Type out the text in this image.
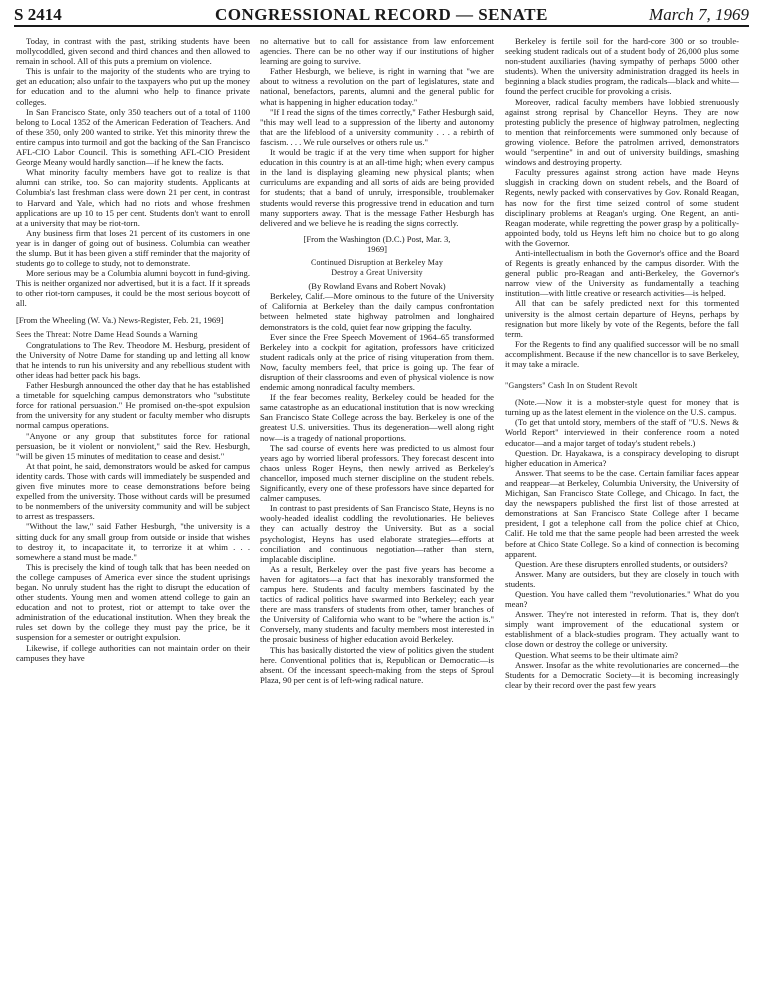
S 2414	CONGRESSIONAL RECORD — SENATE	March 7, 1969

Today, in contrast with the past, striking students have been mollycoddled, given second and third chances and then allowed to remain in school. All of this puts a premium on violence.

This is unfair to the majority of the students who are trying to get an education; also unfair to the taxpayers who put up the money for education and to the alumni who help to finance private colleges.

In San Francisco State, only 350 teachers out of a total of 1100 belong to Local 1352 of the American Federation of Teachers. And of these 350, only 200 wanted to strike. Yet this minority threw the entire campus into turmoil and got the backing of the San Francisco AFL-CIO Labor Council. This is something AFL-CIO President George Meany would hardly sanction—if he knew the facts.

What minority faculty members have got to realize is that alumni can strike, too. So can majority students. Applicants at Columbia's last freshman class were down 21 per cent, in contrast to Harvard and Yale, which had no riots and whose freshmen applications are up 10 to 15 per cent. Students don't want to enroll at a university that may be riot-torn.

Any business firm that loses 21 percent of its customers in one year is in danger of going out of business. Columbia can weather the slump. But it has been given a stiff reminder that the majority of students go to college to study, not to demonstrate.

More serious may be a Columbia alumni boycott in fund-giving. This is neither organized nor advertised, but it is a fact. If it spreads to other riot-torn campuses, it could be the most serious boycott of all.

[From the Wheeling (W. Va.) News-Register, Feb. 21, 1969]

Sees the Threat: Notre Dame Head Sounds a Warning

Congratulations to The Rev. Theodore M. Hesburg, president of the University of Notre Dame for standing up and letting all know that he intends to run his university and any rebellious student with other ideas had better pack his bags.

Father Hesburgh announced the other day that he has established a timetable for squelching campus demonstrators who "substitute force for rational persuasion." He promised on-the-spot expulsion from the university for any student or faculty member who disrupts normal campus operations.

"Anyone or any group that substitutes force for rational persuasion, be it violent or nonviolent," said the Rev. Hesburgh, "will be given 15 minutes of meditation to cease and desist."

At that point, he said, demonstrators would be asked for campus identity cards. Those with cards will immediately be suspended and given five minutes more to cease demonstrations before being expelled from the university. Those without cards will be presumed to be nonmembers of the university community and will be subject to arrest as trespassers.

"Without the law," said Father Hesburgh, "the university is a sitting duck for any small group from outside or inside that wishes to destroy it, to incapacitate it, to terrorize it at whim . . . somewhere a stand must be made."

This is precisely the kind of tough talk that has been needed on the college campuses of America ever since the student uprisings began. No unruly student has the right to disrupt the education of other students. Young men and women attend college to gain an education and not to protest, riot or attempt to take over the administration of the educational institution. When they break the rules set down by the college they must pay the price, be it suspension for a semester or outright expulsion.

Likewise, if college authorities can not maintain order on their campuses they have

no alternative but to call for assistance from law enforcement agencies. There can be no other way if our institutions of higher learning are going to survive.

Father Hesburgh, we believe, is right in warning that "we are about to witness a revolution on the part of legislatures, state and national, benefactors, parents, alumni and the general public for what is happening in higher education today."

"If I read the signs of the times correctly," Father Hesburgh said, "this may well lead to a suppression of the liberty and autonomy that are the lifeblood of a university community . . . a rebirth of fascism. . . . We rule ourselves or others rule us."

It would be tragic if at the very time when support for higher education in this country is at an all-time high; when every campus in the land is displaying gleaming new physical plants; when curriculums are expanding and all sorts of aids are being provided for students; that a band of unruly, irresponsible, troublemaker students would reverse this progressive trend in education and turn many supporters away. That is the message Father Hesburgh has delivered and we believe he is reading the signs correctly.

[From the Washington (D.C.) Post, Mar. 3,
1969]

Continued Disruption at Berkeley May
Destroy a Great University

(By Rowland Evans and Robert Novak)

Berkeley, Calif.—More ominous to the future of the University of California at Berkeley than the daily campus confrontation between helmeted state highway patrolmen and longhaired demonstrators is the cold, quiet fear now gripping the faculty.

Ever since the Free Speech Movement of 1964–65 transformed Berkeley into a cockpit for agitation, professors have criticized student radicals only at the price of rising vituperation from them. Now, faculty members feel, that price is going up. The fear of disruption of their classrooms and even of physical violence is now endemic among nonradical faculty members.

If the fear becomes reality, Berkeley could be headed for the same catastrophe as an educational institution that is now wrecking San Francisco State College across the bay. Berkeley is one of the greatest U.S. universities. Thus its degeneration—well along right now—is a tragedy of national proportions.

The sad course of events here was predicted to us almost four years ago by worried liberal professors. They forecast descent into chaos unless Roger Heyns, then newly arrived as Berkeley's chancellor, imposed much sterner discipline on the student rebels. Significantly, every one of these professors have since departed for calmer campuses.

In contrast to past presidents of San Francisco State, Heyns is no wooly-headed idealist coddling the revolutionaries. He believes they can actually destroy the University. But as a social psychologist, Heyns has used elaborate strategies—efforts at conciliation and continuous negotiation—rather than stern, implacable discipline.

As a result, Berkeley over the past five years has become a haven for agitators—a fact that has inexorably transformed the campus here. Students and faculty members fascinated by the tactics of radical politics have swarmed into Berkeley; each year there are mass transfers of students from other, tamer branches of the University of California who want to be "where the action is." Conversely, many students and faculty members most interested in the prosaic business of higher education avoid Berkeley.

This has basically distorted the view of politics given the student here. Conventional politics that is, Republican or Democratic—is absent. Of the incessant speech-making from the steps of Sproul Plaza, 90 per cent is of left-wing radical nature.

Berkeley is fertile soil for the hard-core 300 or so trouble-seeking student radicals out of a student body of 26,000 plus some non-student auxiliaries (having sympathy of perhaps 5000 other students). When the university administration dragged its heels in beginning a black studies program, the radicals—black and white—found the perfect crucible for provoking a crisis.

Moreover, radical faculty members have lobbied strenuously against strong reprisal by Chancellor Heyns. They are now protesting publicly the presence of highway patrolmen, neglecting to mention that reinforcements were summoned only because of growing violence. Before the patrolmen arrived, demonstrators would "serpentine" in and out of university buildings, smashing windows and destroying property.

Faculty pressures against strong action have made Heyns sluggish in cracking down on student rebels, and the Board of Regents, newly packed with conservatives by Gov. Ronald Reagan, has now for the first time seized control of some student disciplinary problems at Reagan's urging. One Regent, an anti-Reagan moderate, while regretting the power grasp by a politically-appointed body, told us Heyns left him no choice but to go along with the Governor.

Anti-intellectualism in both the Governor's office and the Board of Regents is greatly enhanced by the campus disorder. With the general public pro-Reagan and anti-Berkeley, the Governor's narrow view of the University as fundamentally a teaching institution—with little creative or research activities—is helped.

All that can be safely predicted next for this tormented university is the almost certain departure of Heyns, perhaps by resignation but more likely by vote of the Regents, before the fall term.

For the Regents to find any qualified successor will be no small accomplishment. Because if the new chancellor is to save Berkeley, it may take a miracle.

"Gangsters" Cash In on Student Revolt

(Note.—Now it is a mobster-style quest for money that is turning up as the latest element in the violence on the U.S. campus.

(To get that untold story, members of the staff of "U.S. News & World Report" interviewed in their conference room a noted educator—and a major target of today's student rebels.)

Question. Dr. Hayakawa, is a conspiracy developing to disrupt higher education in America?

Answer. That seems to be the case. Certain familiar faces appear and reappear—at Berkeley, Columbia University, the University of Michigan, San Francisco State College, and Chicago. In fact, the day the newspapers published the first list of those arrested at demonstrations at San Francisco State College after I became president, I got a telephone call from the police chief at Chico, Calif. He told me that the same people had been arrested the week before at Chico State College. So a kind of connection is becoming apparent.

Question. Are these disrupters enrolled students, or outsiders?

Answer. Many are outsiders, but they are closely in touch with students.

Question. You have called them "revolutionaries." What do you mean?

Answer. They're not interested in reform. That is, they don't simply want improvement of the educational system or establishment of a black-studies program. They actually want to close down or destroy the college or university.

Question. What seems to be their ultimate aim?

Answer. Insofar as the white revolutionaries are concerned—the Students for a Democratic Society—it is becoming increasingly clear by their record over the past few years
